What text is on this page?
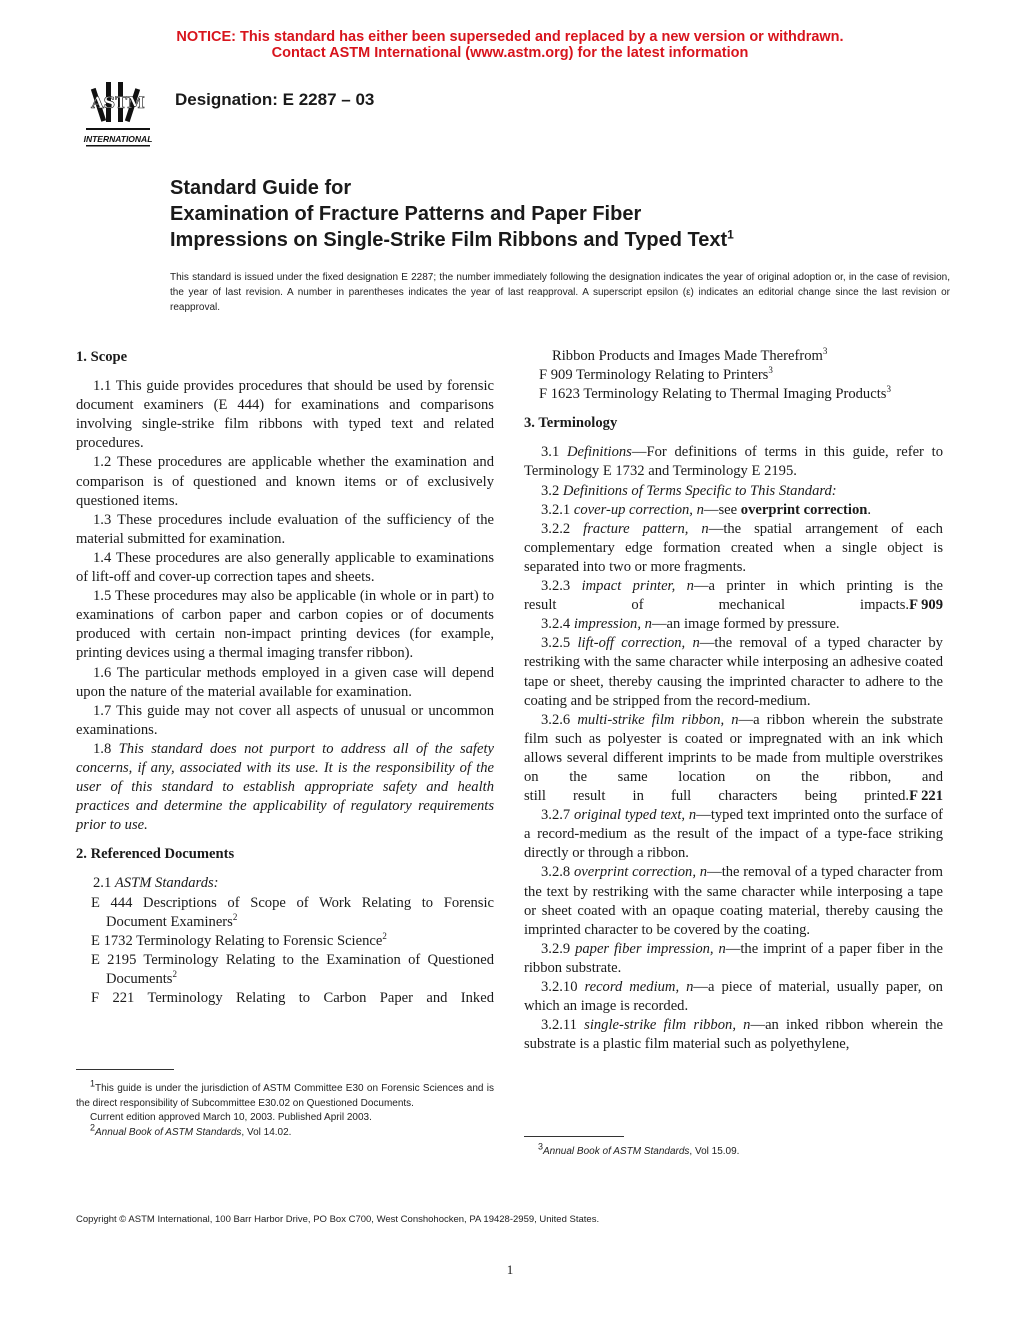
NOTICE: This standard has either been superseded and replaced by a new version or withdrawn.
Contact ASTM International (www.astm.org) for the latest information
ASTM
INTERNATIONAL
Designation: E 2287 – 03
Standard Guide for
Examination of Fracture Patterns and Paper Fiber
Impressions on Single-Strike Film Ribbons and Typed Text$^1$
This standard is issued under the fixed designation E 2287; the number immediately following the designation indicates the year of original adoption or, in the case of revision, the year of last revision. A number in parentheses indicates the year of last reapproval. A superscript epsilon (ε) indicates an editorial change since the last revision or reapproval.

1. Scope

1.1 This guide provides procedures that should be used by forensic document examiners (E 444) for examinations and comparisons involving single-strike film ribbons with typed text and related procedures.

1.2 These procedures are applicable whether the examination and comparison is of questioned and known items or of exclusively questioned items.

1.3 These procedures include evaluation of the sufficiency of the material submitted for examination.

1.4 These procedures are also generally applicable to examinations of lift-off and cover-up correction tapes and sheets.

1.5 These procedures may also be applicable (in whole or in part) to examinations of carbon paper and carbon copies or of documents produced with certain non-impact printing devices (for example, printing devices using a thermal imaging transfer ribbon).

1.6 The particular methods employed in a given case will depend upon the nature of the material available for examination.

1.7 This guide may not cover all aspects of unusual or uncommon examinations.

1.8 This standard does not purport to address all of the safety concerns, if any, associated with its use. It is the responsibility of the user of this standard to establish appropriate safety and health practices and determine the applicability of regulatory requirements prior to use.

2. Referenced Documents

2.1 ASTM Standards:

E 444 Descriptions of Scope of Work Relating to Forensic Document Examiners$^2$

E 1732 Terminology Relating to Forensic Science$^2$

E 2195 Terminology Relating to the Examination of Questioned Documents$^2$

F 221 Terminology Relating to Carbon Paper and Inked

$^1$This guide is under the jurisdiction of ASTM Committee E30 on Forensic Sciences and is the direct responsibility of Subcommittee E30.02 on Questioned Documents.

Current edition approved March 10, 2003. Published April 2003.

$^2$Annual Book of ASTM Standards, Vol 14.02.

Ribbon Products and Images Made Therefrom$^3$

F 909 Terminology Relating to Printers$^3$

F 1623 Terminology Relating to Thermal Imaging Products$^3$

3. Terminology

3.1 Definitions—For definitions of terms in this guide, refer to Terminology E 1732 and Terminology E 2195.

3.2 Definitions of Terms Specific to This Standard:

3.2.1 cover-up correction, n—see overprint correction.

3.2.2 fracture pattern, n—the spatial arrangement of each complementary edge formation created when a single object is separated into two or more fragments.

3.2.3 impact printer, n—a printer in which printing is the

F 909
result of mechanical impacts.

3.2.4 impression, n—an image formed by pressure.

3.2.5 lift-off correction, n—the removal of a typed character by restriking with the same character while interposing an adhesive coated tape or sheet, thereby causing the imprinted character to adhere to the coating and be stripped from the record-medium.

3.2.6 multi-strike film ribbon, n—a ribbon wherein the substrate film such as polyester is coated or impregnated with an ink which allows several different imprints to be made from multiple overstrikes on the same location on the ribbon, and

F 221
still result in full characters being printed.

3.2.7 original typed text, n—typed text imprinted onto the surface of a record-medium as the result of the impact of a type-face striking directly or through a ribbon.

3.2.8 overprint correction, n—the removal of a typed character from the text by restriking with the same character while interposing a tape or sheet coated with an opaque coating material, thereby causing the imprinted character to be covered by the coating.

3.2.9 paper fiber impression, n—the imprint of a paper fiber in the ribbon substrate.

3.2.10 record medium, n—a piece of material, usually paper, on which an image is recorded.

3.2.11 single-strike film ribbon, n—an inked ribbon wherein the substrate is a plastic film material such as polyethylene,

$^3$Annual Book of ASTM Standards, Vol 15.09.

Copyright © ASTM International, 100 Barr Harbor Drive, PO Box C700, West Conshohocken, PA 19428-2959, United States.
1
